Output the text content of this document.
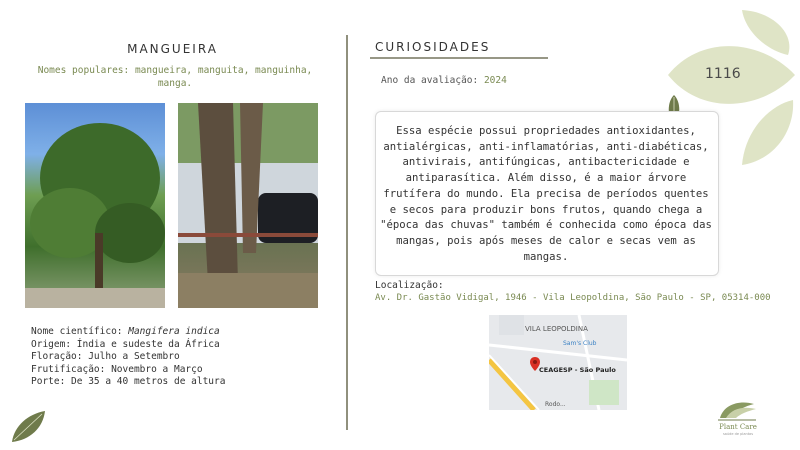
1116
MANGUEIRA
Nomes populares: mangueira, manguita, manguinha, manga.
Nome científico: Mangifera indica
Origem: Índia e sudeste da África
Floração: Julho a Setembro
Frutificação: Novembro a Março
Porte: De 35 a 40 metros de altura
CURIOSIDADES
Ano da avaliação: 2024
Essa espécie possui propriedades antioxidantes, antialérgicas, anti-inflamatórias, anti-diabéticas, antivirais, antifúngicas, antibactericidade e antiparasítica. Além disso, é a maior árvore frutífera do mundo. Ela precisa de períodos quentes e secos para produzir bons frutos, quando chega a "época das chuvas" também é conhecida como época das mangas, pois após meses de calor e secas vem as mangas.
Localização:
Av. Dr. Gastão Vidigal, 1946 - Vila Leopoldina, São Paulo - SP, 05314-000
VILA LEOPOLDINA
Sam's Club
CEAGESP - São Paulo
Rodo...
Plant Care
saúde de plantas
